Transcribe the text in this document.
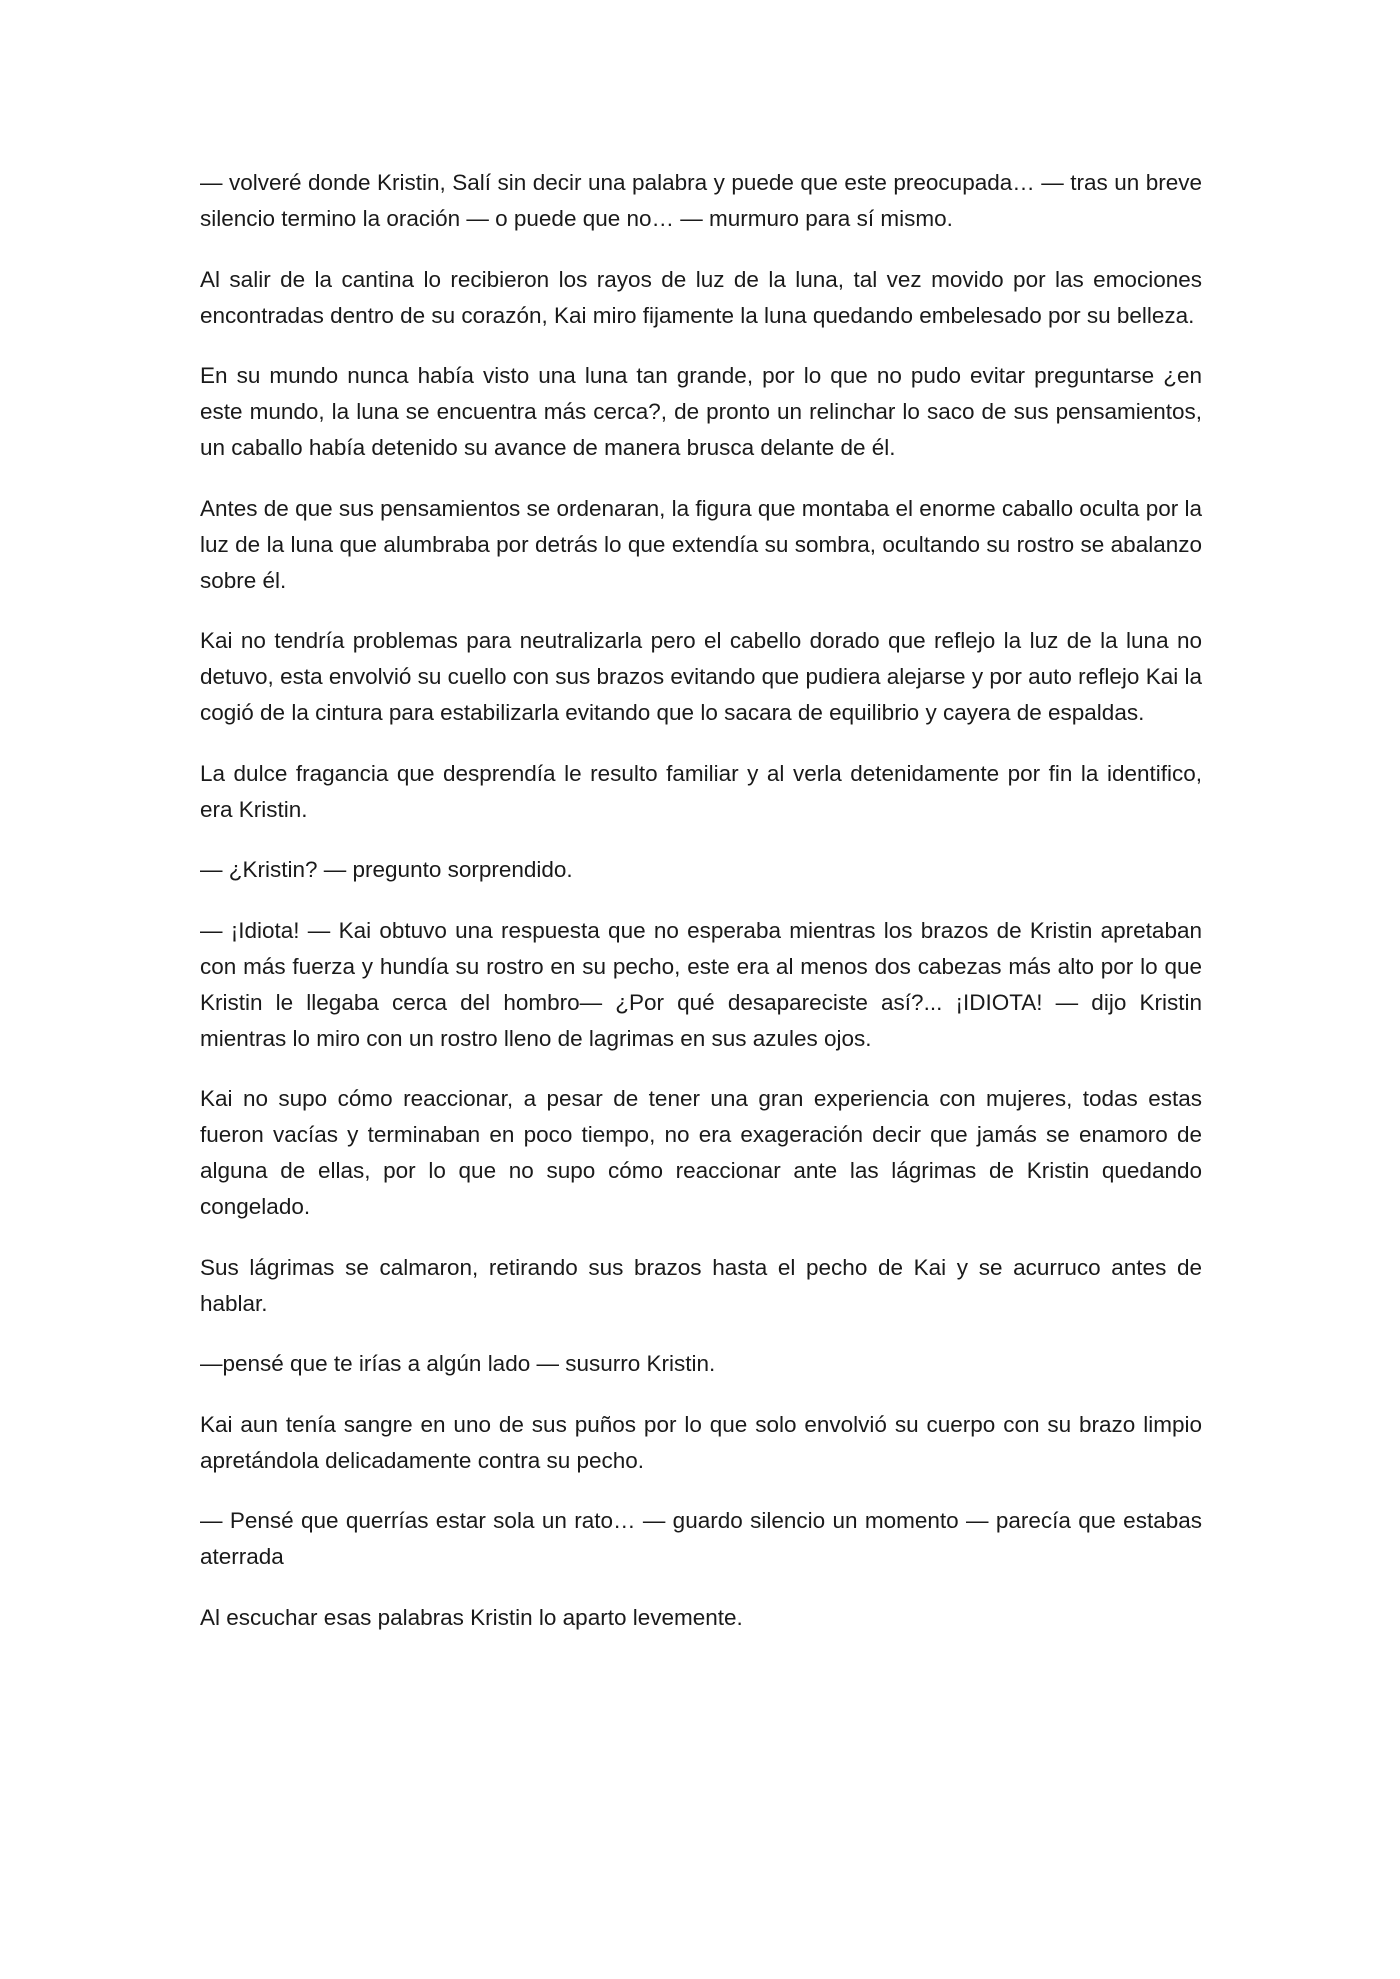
— volveré donde Kristin, Salí sin decir una palabra y puede que este preocupada… — tras un breve silencio termino la oración — o puede que no… — murmuro para sí mismo.

Al salir de la cantina lo recibieron los rayos de luz de la luna, tal vez movido por las emociones encontradas dentro de su corazón, Kai miro fijamente la luna quedando embelesado por su belleza.

En su mundo nunca había visto una luna tan grande, por lo que no pudo evitar preguntarse ¿en este mundo, la luna se encuentra más cerca?, de pronto un relinchar lo saco de sus pensamientos, un caballo había detenido su avance de manera brusca delante de él.

Antes de que sus pensamientos se ordenaran, la figura que montaba el enorme caballo oculta por la luz de la luna que alumbraba por detrás lo que extendía su sombra, ocultando su rostro se abalanzo sobre él.

Kai no tendría problemas para neutralizarla pero el cabello dorado que reflejo la luz de la luna no detuvo, esta envolvió su cuello con sus brazos evitando que pudiera alejarse y por auto reflejo Kai la cogió de la cintura para estabilizarla evitando que lo sacara de equilibrio y cayera de espaldas.

La dulce fragancia que desprendía le resulto familiar y al verla detenidamente por fin la identifico, era Kristin.

— ¿Kristin? — pregunto sorprendido.

— ¡Idiota! — Kai obtuvo una respuesta que no esperaba mientras los brazos de Kristin apretaban con más fuerza y hundía su rostro en su pecho, este era al menos dos cabezas más alto por lo que Kristin le llegaba cerca del hombro— ¿Por qué desapareciste así?... ¡IDIOTA! — dijo Kristin mientras lo miro con un rostro lleno de lagrimas en sus azules ojos.

Kai no supo cómo reaccionar, a pesar de tener una gran experiencia con mujeres, todas estas fueron vacías y terminaban en poco tiempo, no era exageración decir que jamás se enamoro de alguna de ellas, por lo que no supo cómo reaccionar ante las lágrimas de Kristin quedando congelado.

Sus lágrimas se calmaron, retirando sus brazos hasta el pecho de Kai y se acurruco antes de hablar.

—pensé que te irías a algún lado — susurro Kristin.

Kai aun tenía sangre en uno de sus puños por lo que solo envolvió su cuerpo con su brazo limpio apretándola delicadamente contra su pecho.

— Pensé que querrías estar sola un rato… — guardo silencio un momento — parecía que estabas aterrada

Al escuchar esas palabras Kristin lo aparto levemente.
